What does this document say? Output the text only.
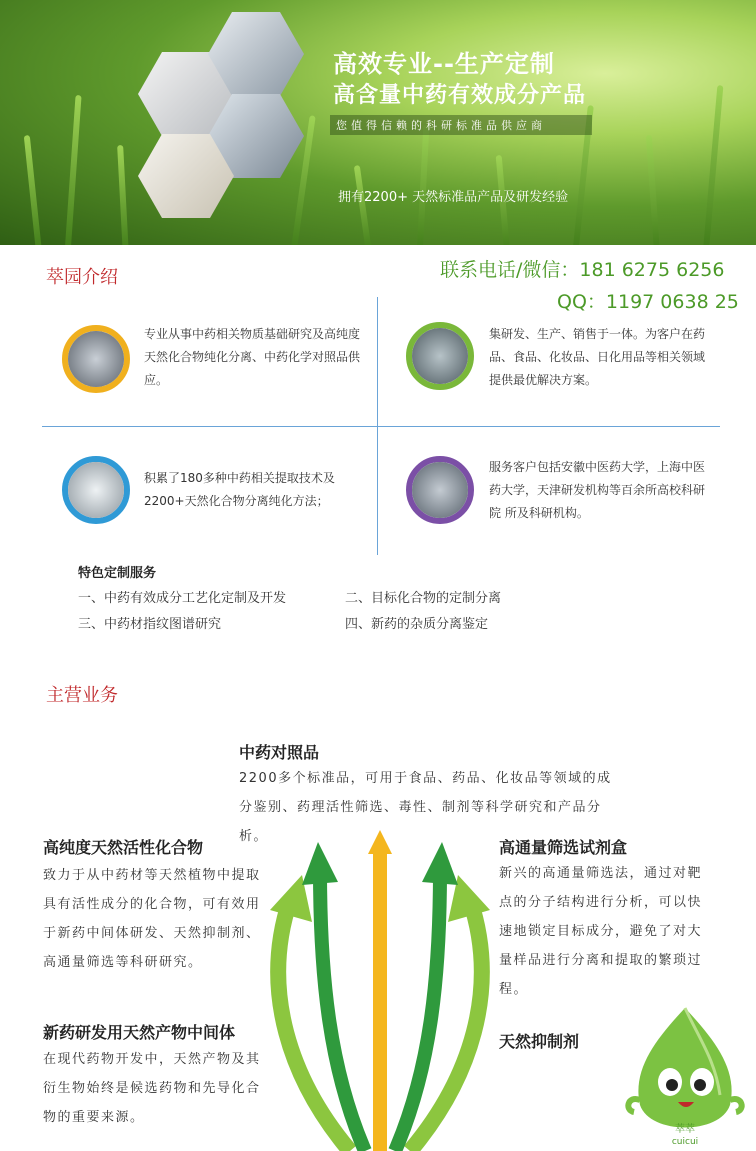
高效专业--生产定制
高含量中药有效成分产品
您值得信赖的科研标准品供应商
拥有2200+ 天然标准品产品及研发经验
萃园介绍	联系电话/微信：181 6275 6256
QQ：1197 0638 25
专业从事中药相关物质基础研究及高纯度天然化合物纯化分离、中药化学对照品供应。
集研发、生产、销售于一体。为客户在药品、食品、化妆品、日化用品等相关领域提供最优解决方案。
积累了180多种中药相关提取技术及2200+天然化合物分离纯化方法；
服务客户包括安徽中医药大学，上海中医药大学，天津研发机构等百余所高校科研院 所及科研机构。
特色定制服务
一、中药有效成分工艺化定制及开发	二、目标化合物的定制分离
三、中药材指纹图谱研究	四、新药的杂质分离鉴定
主营业务
中药对照品
2200多个标准品，可用于食品、药品、化妆品等领域的成分鉴别、药理活性筛选、毒性、制剂等科学研究和产品分析。
高纯度天然活性化合物
致力于从中药材等天然植物中提取具有活性成分的化合物，可有效用于新药中间体研发、天然抑制剂、高通量筛选等科研研究。
新药研发用天然产物中间体
在现代药物开发中，天然产物及其衍生物始终是候选药物和先导化合物的重要来源。
高通量筛选试剂盒
新兴的高通量筛选法，通过对靶点的分子结构进行分析，可以快速地锁定目标成分，避免了对大量样品进行分离和提取的繁琐过程。
天然抑制剂
萃萃
cuicui
